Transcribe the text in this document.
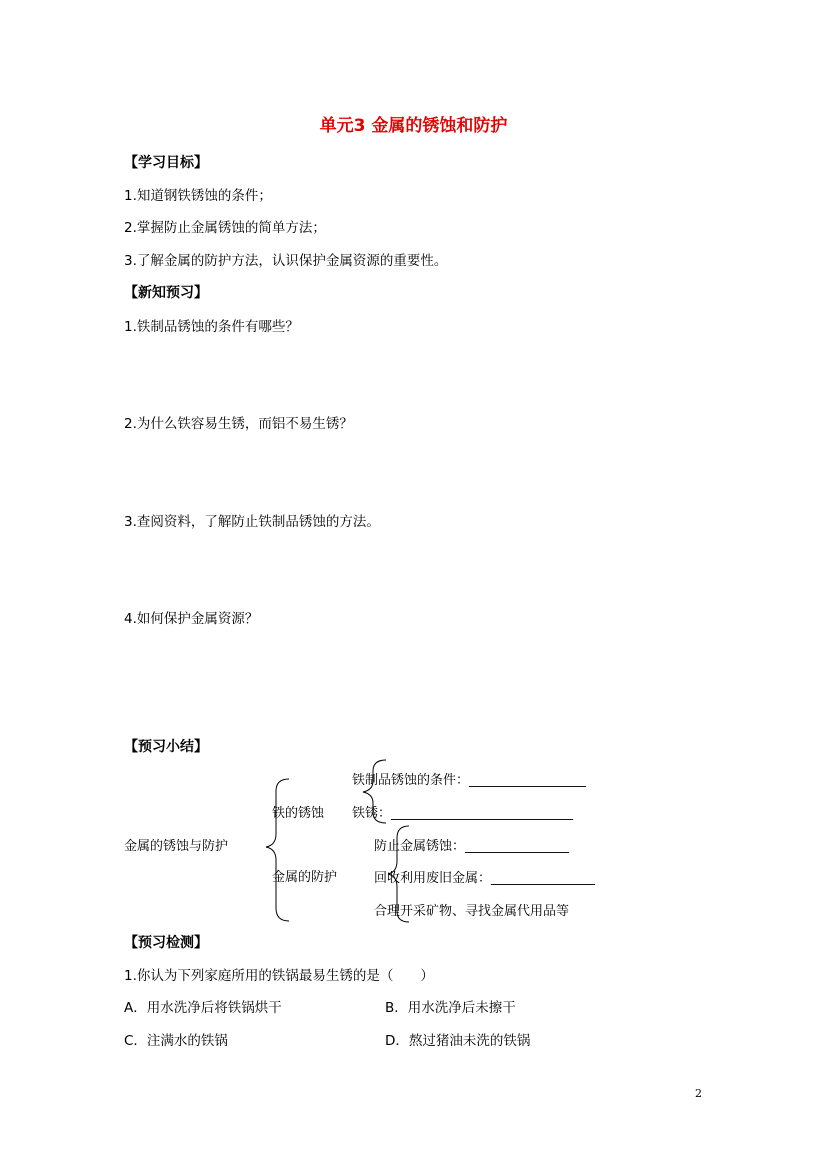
单元3 金属的锈蚀和防护
【学习目标】
1.知道钢铁锈蚀的条件；
2.掌握防止金属锈蚀的简单方法；
3.了解金属的防护方法，认识保护金属资源的重要性。
【新知预习】
1.铁制品锈蚀的条件有哪些？
2.为什么铁容易生锈，而铝不易生锈？
3.查阅资料，了解防止铁制品锈蚀的方法。
4.如何保护金属资源？
【预习小结】
金属的锈蚀与防护
铁的锈蚀
金属的防护
铁制品锈蚀的条件：__________________
铁锈：____________________________
防止金属锈蚀：________________
回收利用废旧金属：________________
合理开采矿物、寻找金属代用品等
【预习检测】
1.你认为下列家庭所用的铁锅最易生锈的是（　　）
A．用水洗净后将铁锅烘干	B．用水洗净后未擦干
C．注满水的铁锅	D．熬过猪油未洗的铁锅
2
